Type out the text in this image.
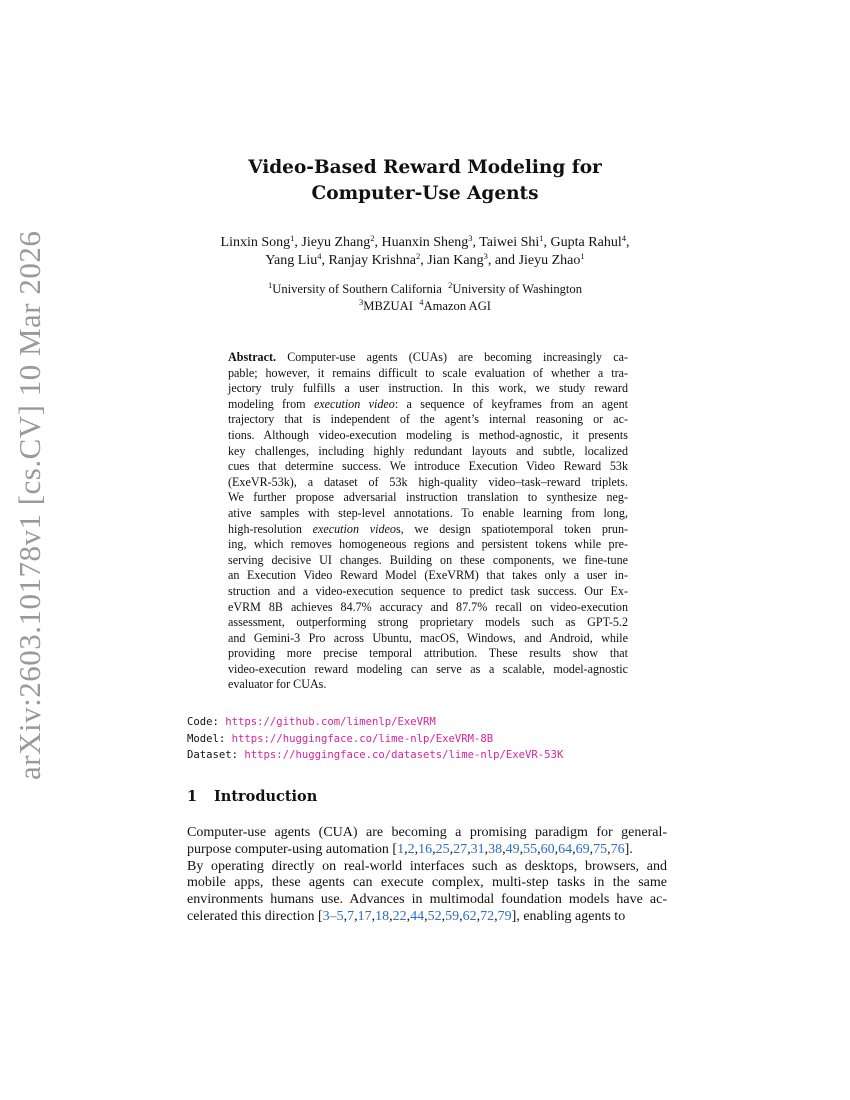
arXiv:2603.10178v1 [cs.CV] 10 Mar 2026
Video-Based Reward Modeling for
Computer-Use Agents
Linxin Song$^1$, Jieyu Zhang$^2$, Huanxin Sheng$^3$, Taiwei Shi$^1$, Gupta Rahul$^4$,
Yang Liu$^4$, Ranjay Krishna$^2$, Jian Kang$^3$, and Jieyu Zhao$^1$
$^1$University of Southern California $^2$University of Washington
$^3$MBZUAI $^4$Amazon AGI
Abstract. Computer-use agents (CUAs) are becoming increasingly ca-
pable; however, it remains difficult to scale evaluation of whether a tra-
jectory truly fulfills a user instruction. In this work, we study reward
modeling from execution video: a sequence of keyframes from an agent
trajectory that is independent of the agent’s internal reasoning or ac-
tions. Although video-execution modeling is method-agnostic, it presents
key challenges, including highly redundant layouts and subtle, localized
cues that determine success. We introduce Execution Video Reward 53k
(ExeVR-53k), a dataset of 53k high-quality video–task–reward triplets.
We further propose adversarial instruction translation to synthesize neg-
ative samples with step-level annotations. To enable learning from long,
high-resolution execution videos, we design spatiotemporal token prun-
ing, which removes homogeneous regions and persistent tokens while pre-
serving decisive UI changes. Building on these components, we fine-tune
an Execution Video Reward Model (ExeVRM) that takes only a user in-
struction and a video-execution sequence to predict task success. Our Ex-
eVRM 8B achieves 84.7% accuracy and 87.7% recall on video-execution
assessment, outperforming strong proprietary models such as GPT-5.2
and Gemini-3 Pro across Ubuntu, macOS, Windows, and Android, while
providing more precise temporal attribution. These results show that
video-execution reward modeling can serve as a scalable, model-agnostic
evaluator for CUAs.
Code: https://github.com/limenlp/ExeVRM
Model: https://huggingface.co/lime-nlp/ExeVRM-8B
Dataset: https://huggingface.co/datasets/lime-nlp/ExeVR-53K
1 Introduction
Computer-use agents (CUA) are becoming a promising paradigm for general-
purpose computer-using automation [1,2,16,25,27,31,38,49,55,60,64,69,75,76].
By operating directly on real-world interfaces such as desktops, browsers, and
mobile apps, these agents can execute complex, multi-step tasks in the same
environments humans use. Advances in multimodal foundation models have ac-
celerated this direction [3–5,7,17,18,22,44,52,59,62,72,79], enabling agents to
